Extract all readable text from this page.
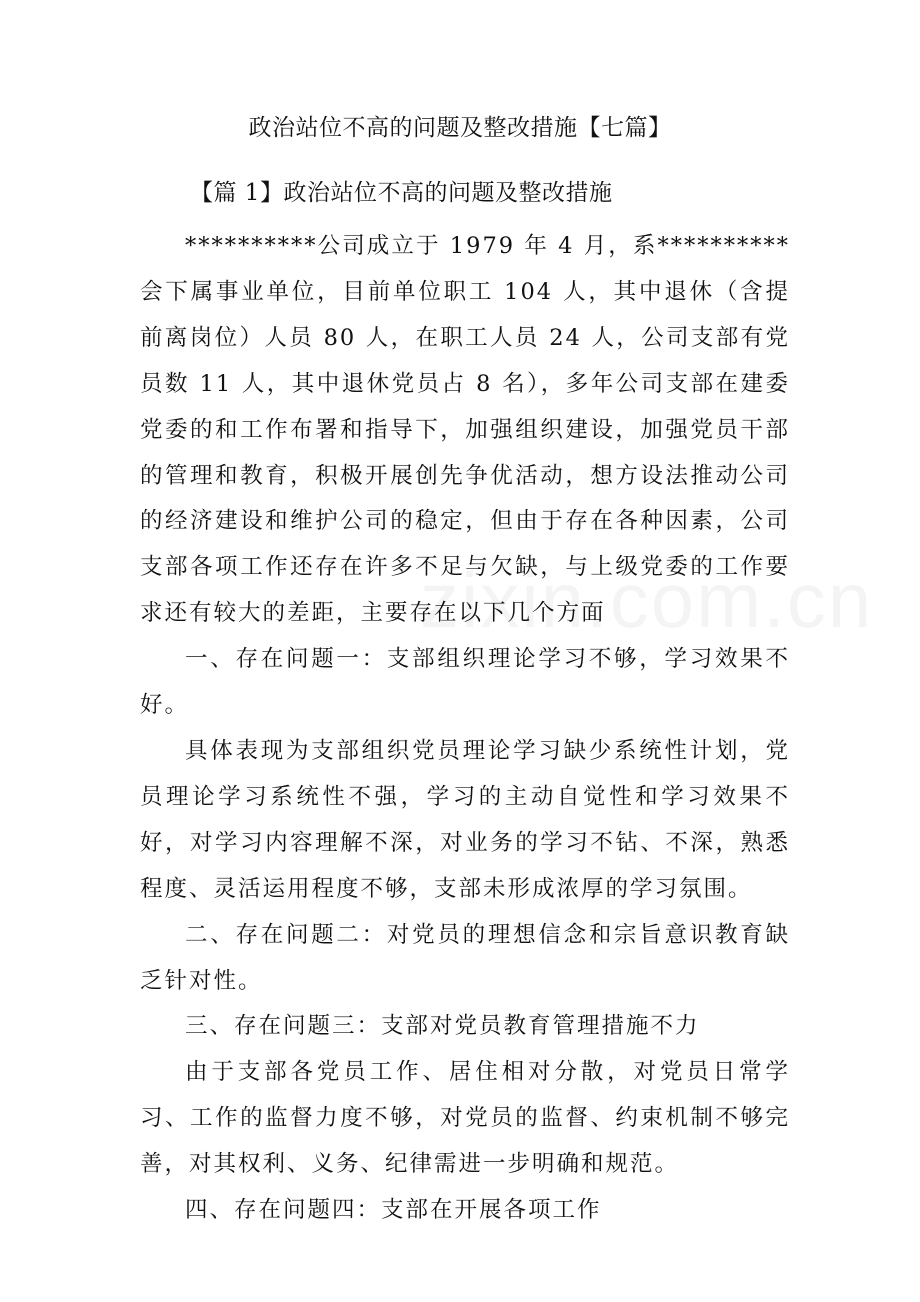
政治站位不高的问题及整改措施【七篇】
【篇 1】政治站位不高的问题及整改措施

**********公司成立于 1979 年 4 月，系**********会下属事业单位，目前单位职工 104 人，其中退休（含提前离岗位）人员 80 人，在职工人员 24 人，公司支部有党员数 11 人，其中退休党员占 8 名），多年公司支部在建委党委的和工作布署和指导下，加强组织建设，加强党员干部的管理和教育，积极开展创先争优活动，想方设法推动公司的经济建设和维护公司的稳定，但由于存在各种因素，公司支部各项工作还存在许多不足与欠缺，与上级党委的工作要求还有较大的差距，主要存在以下几个方面

一、存在问题一：支部组织理论学习不够，学习效果不好。

具体表现为支部组织党员理论学习缺少系统性计划，党员理论学习系统性不强，学习的主动自觉性和学习效果不好，对学习内容理解不深，对业务的学习不钻、不深，熟悉程度、灵活运用程度不够，支部未形成浓厚的学习氛围。

二、存在问题二：对党员的理想信念和宗旨意识教育缺乏针对性。

三、存在问题三：支部对党员教育管理措施不力

由于支部各党员工作、居住相对分散，对党员日常学习、工作的监督力度不够，对党员的监督、约束机制不够完善，对其权利、义务、纪律需进一步明确和规范。

四、存在问题四：支部在开展各项工作
